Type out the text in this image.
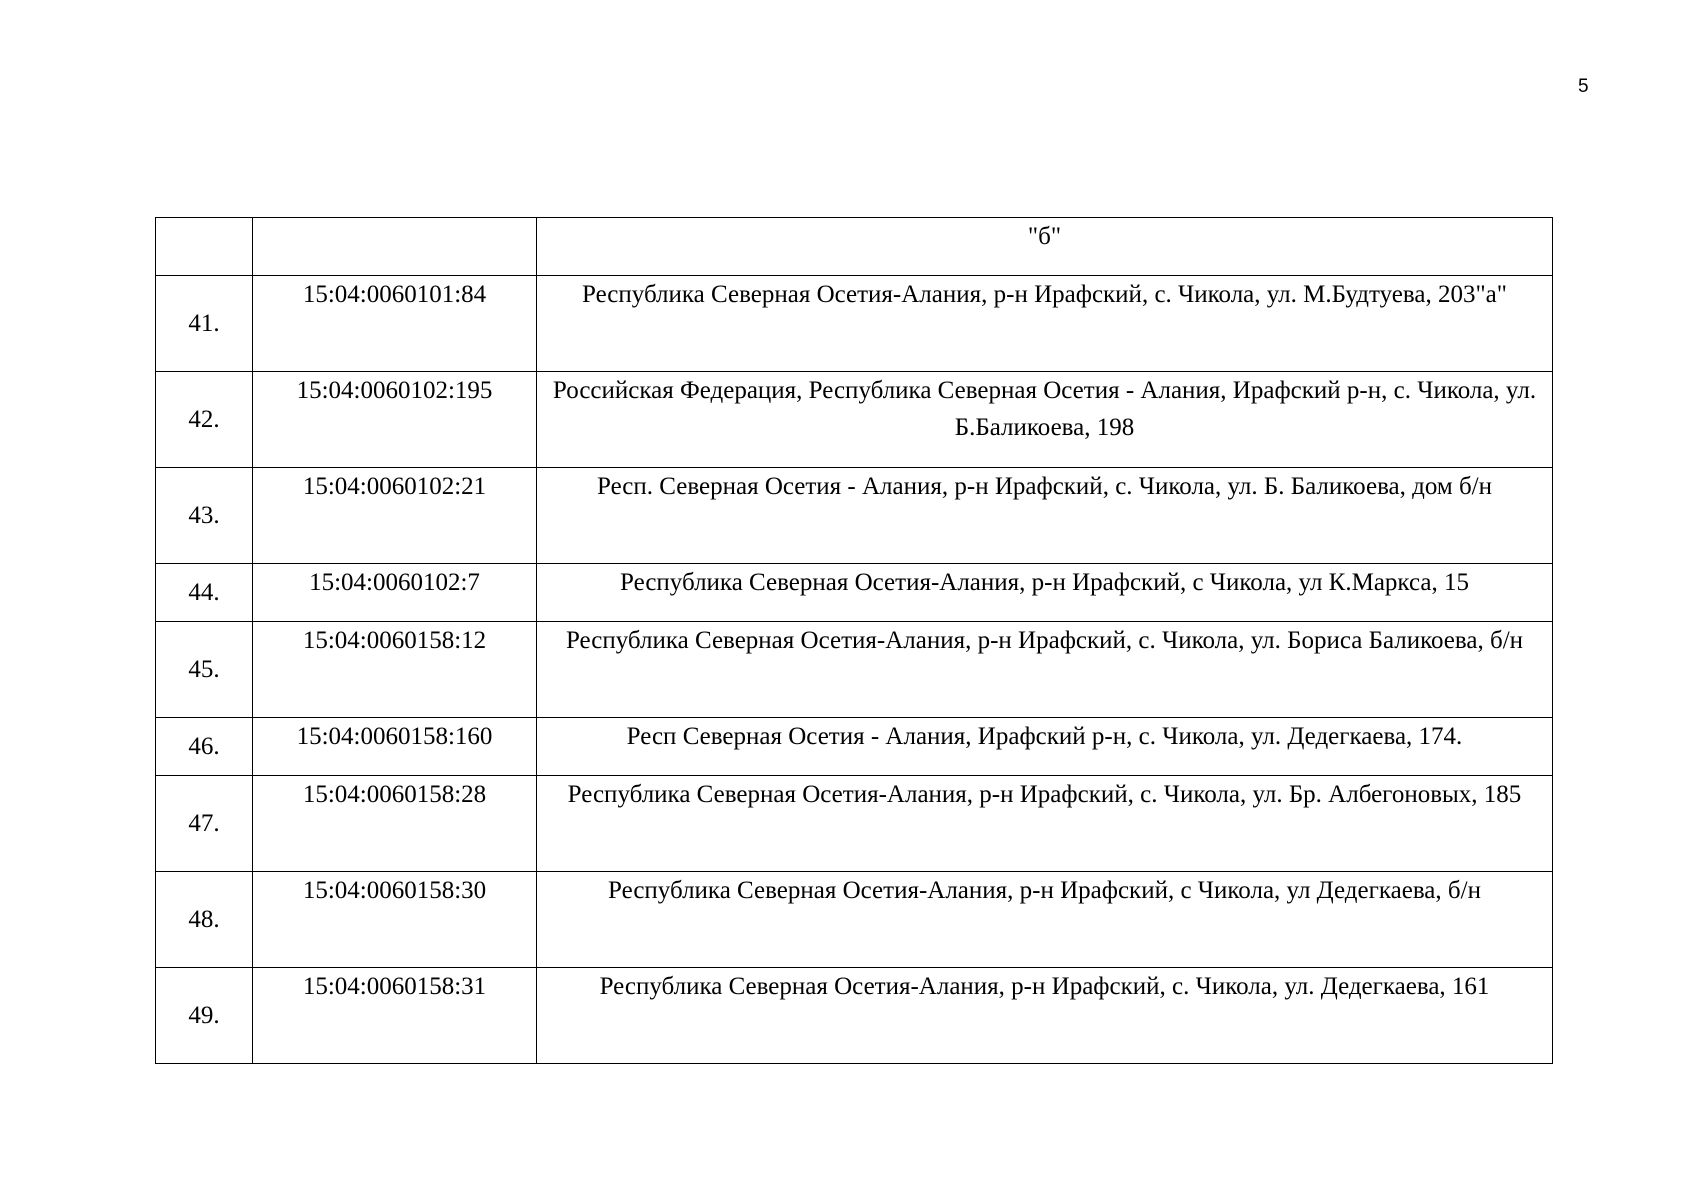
5
		"б"
41.	15:04:0060101:84	Республика Северная Осетия-Алания, р-н Ирафский, с. Чикола, ул. М.Будтуева, 203"а"
42.	15:04:0060102:195	Российская Федерация, Республика Северная Осетия - Алания, Ирафский р-н, с. Чикола, ул. Б.Баликоева, 198
43.	15:04:0060102:21	Респ. Северная Осетия - Алания, р-н Ирафский, с. Чикола, ул. Б. Баликоева, дом б/н
44.	15:04:0060102:7	Республика Северная Осетия-Алания, р-н Ирафский, с Чикола, ул К.Маркса, 15
45.	15:04:0060158:12	Республика Северная Осетия-Алания, р-н Ирафский, с. Чикола, ул. Бориса Баликоева, б/н
46.	15:04:0060158:160	Респ Северная Осетия - Алания, Ирафский р-н, с. Чикола, ул. Дедегкаева, 174.
47.	15:04:0060158:28	Республика Северная Осетия-Алания, р-н Ирафский, с. Чикола, ул. Бр. Албегоновых, 185
48.	15:04:0060158:30	Республика Северная Осетия-Алания, р-н Ирафский, с Чикола, ул Дедегкаева, б/н
49.	15:04:0060158:31	Республика Северная Осетия-Алания, р-н Ирафский, с. Чикола, ул. Дедегкаева, 161
